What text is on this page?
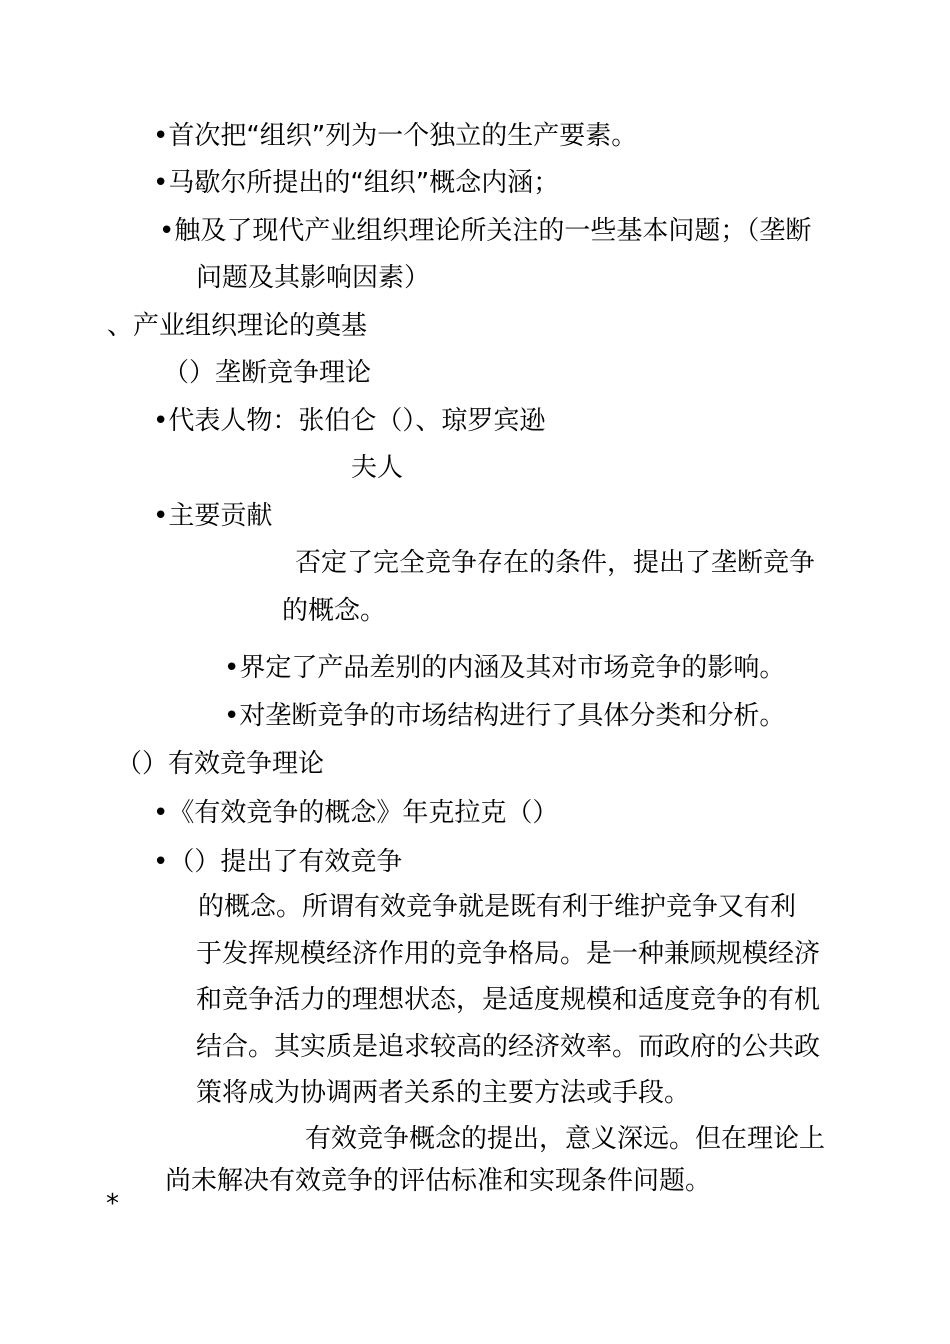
•首次把“组织”列为一个独立的生产要素。
•马歇尔所提出的“组织”概念内涵；
•触及了现代产业组织理论所关注的一些基本问题；（垄断
问题及其影响因素）
、产业组织理论的奠基
（）垄断竞争理论
•代表人物：张伯仑（）、琼罗宾逊
夫人
•主要贡献
否定了完全竞争存在的条件，提出了垄断竞争
的概念。
•界定了产品差别的内涵及其对市场竞争的影响。
•对垄断竞争的市场结构进行了具体分类和分析。
（）有效竞争理论
•《有效竞争的概念》年克拉克（）
•（）提出了有效竞争
的概念。所谓有效竞争就是既有利于维护竞争又有利
于发挥规模经济作用的竞争格局。是一种兼顾规模经济
和竞争活力的理想状态，是适度规模和适度竞争的有机
结合。其实质是追求较高的经济效率。而政府的公共政
策将成为协调两者关系的主要方法或手段。
有效竞争概念的提出，意义深远。但在理论上
尚未解决有效竞争的评估标准和实现条件问题。
*
